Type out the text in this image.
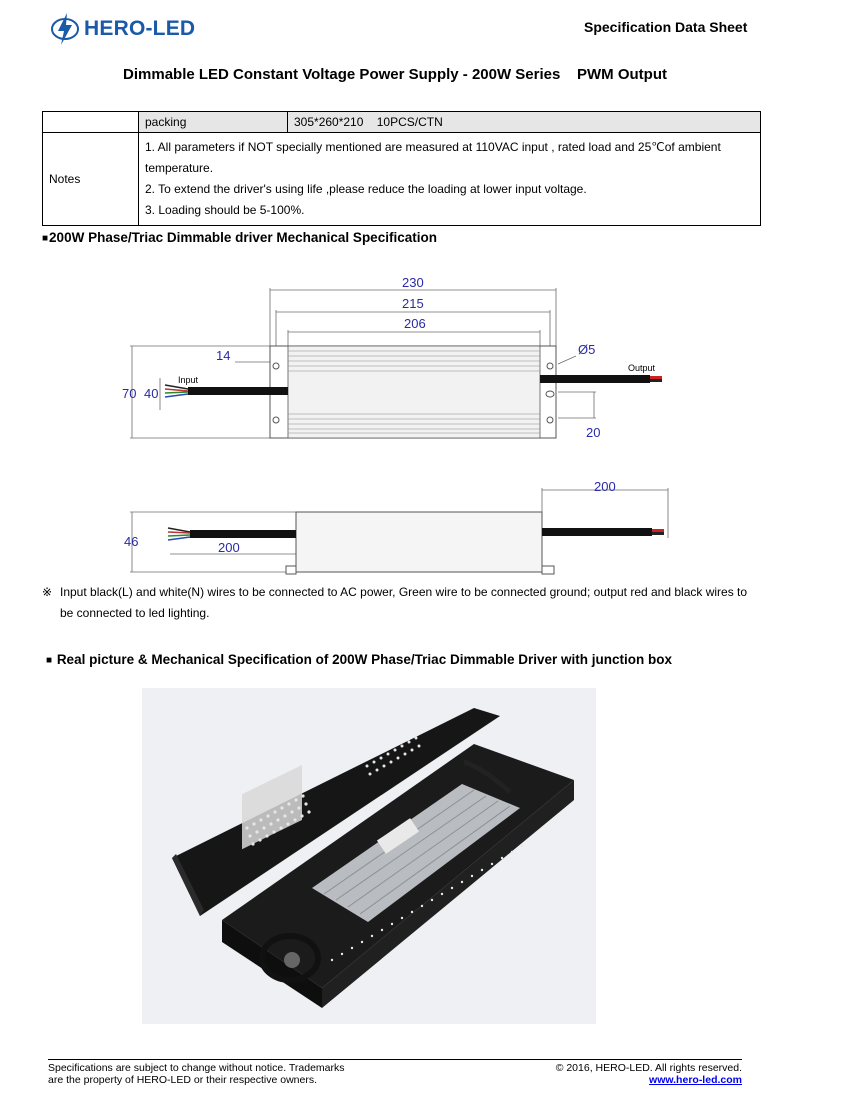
HERO-LED	Specification Data Sheet
Dimmable LED Constant Voltage Power Supply - 200W Series    PWM Output
	packing	305*260*210    10PCS/CTN
Notes	1. All parameters if NOT specially mentioned are measured at 110VAC input , rated load and 25℃of ambient
temperature.
2. To extend the driver's using life ,please reduce the loading at lower input voltage.
3. Loading should be 5-100%.	
■200W Phase/Triac Dimmable driver Mechanical Specification
230
215
206
14	Ø5
70 40
20
Input
Output
200
46	200
※ Input black(L) and white(N) wires to be connected to AC power, Green wire to be connected ground; output red and black wires to be connected to led lighting.
■ Real picture & Mechanical Specification of 200W Phase/Triac Dimmable Driver with junction box
Specifications are subject to change without notice. Trademarks
are the property of HERO-LED or their respective owners.
© 2016, HERO-LED. All rights reserved.
www.hero-led.com
